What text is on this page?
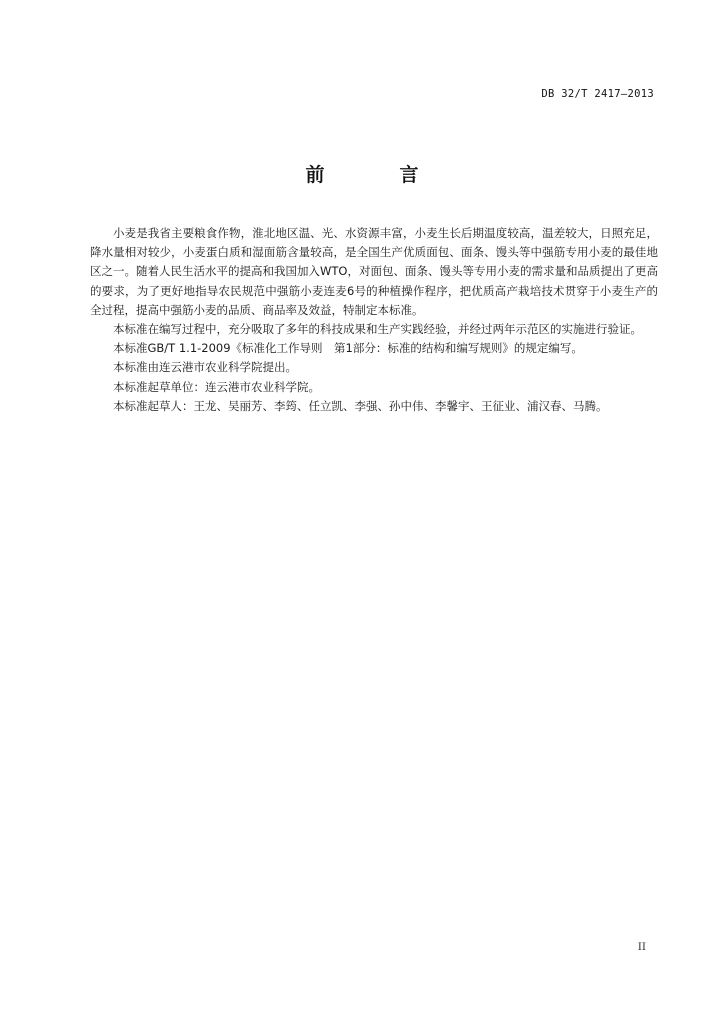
DB 32/T 2417—2013
前　言

小麦是我省主要粮食作物，淮北地区温、光、水资源丰富，小麦生长后期温度较高，温差较大，日照充足，降水量相对较少，小麦蛋白质和湿面筋含量较高，是全国生产优质面包、面条、馒头等中强筋专用小麦的最佳地区之一。随着人民生活水平的提高和我国加入WTO，对面包、面条、馒头等专用小麦的需求量和品质提出了更高的要求，为了更好地指导农民规范中强筋小麦连麦6号的种植操作程序，把优质高产栽培技术贯穿于小麦生产的全过程，提高中强筋小麦的品质、商品率及效益，特制定本标准。

本标准在编写过程中，充分吸取了多年的科技成果和生产实践经验，并经过两年示范区的实施进行验证。

本标准GB/T 1.1-2009《标准化工作导则　第1部分：标准的结构和编写规则》的规定编写。

本标准由连云港市农业科学院提出。

本标准起草单位：连云港市农业科学院。

本标准起草人：王龙、吴丽芳、李筠、任立凯、李强、孙中伟、李馨宇、王征业、浦汉春、马腾。

II
